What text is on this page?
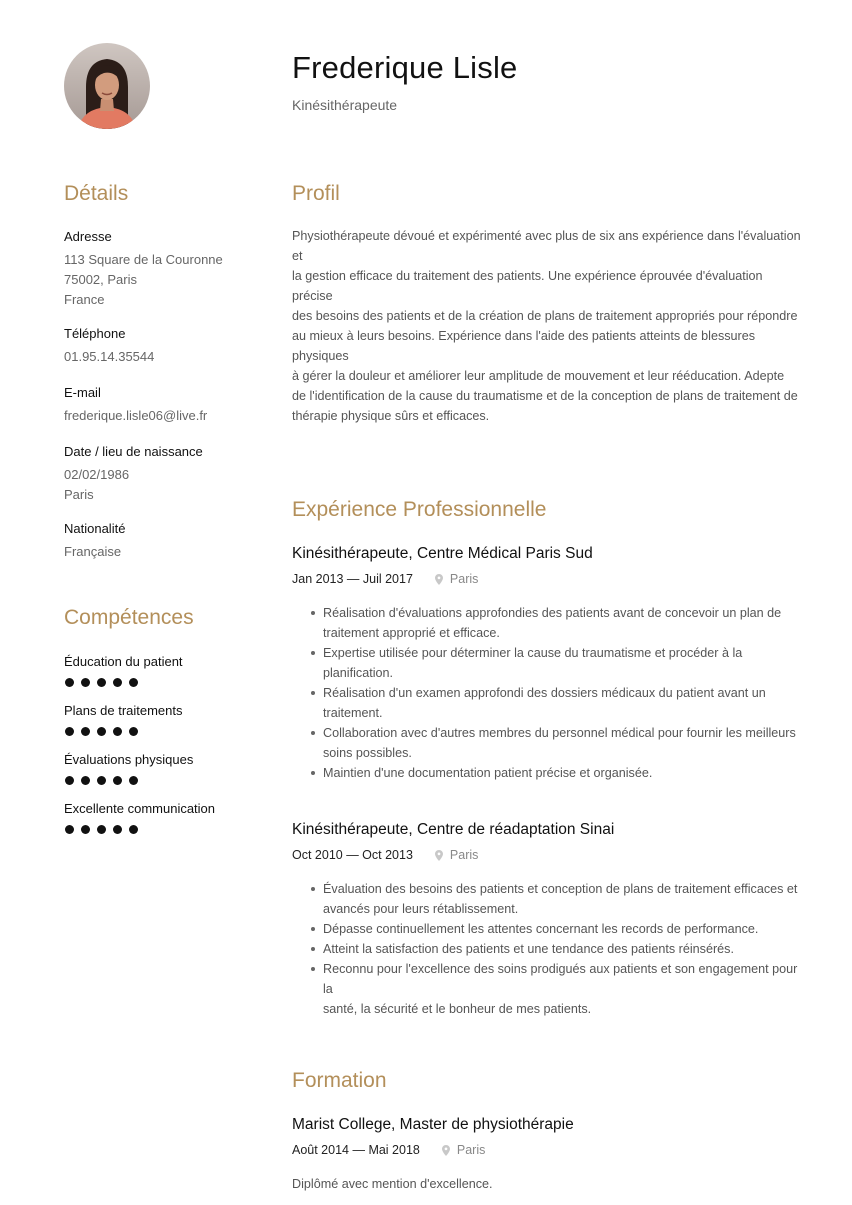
Frederique Lisle
Kinésithérapeute
Détails
Adresse
113 Square de la Couronne
75002, Paris
France
Téléphone
01.95.14.35544
E-mail
frederique.lisle06@live.fr
Date / lieu de naissance
02/02/1986
Paris
Nationalité
Française
Compétences
Éducation du patient
Plans de traitements
Évaluations physiques
Excellente communication
Profil
Physiothérapeute dévoué et expérimenté avec plus de six ans expérience dans l'évaluation et
la gestion efficace du traitement des patients. Une expérience éprouvée d'évaluation précise
des besoins des patients et de la création de plans de traitement appropriés pour répondre
au mieux à leurs besoins. Expérience dans l'aide des patients atteints de blessures physiques
à gérer la douleur et améliorer leur amplitude de mouvement et leur rééducation. Adepte
de l'identification de la cause du traumatisme et de la conception de plans de traitement de
thérapie physique sûrs et efficaces.
Expérience Professionnelle
Kinésithérapeute, Centre Médical Paris Sud
Jan 2013 — Juil 2017	Paris
Réalisation d'évaluations approfondies des patients avant de concevoir un plan de
traitement approprié et efficace.
Expertise utilisée pour déterminer la cause du traumatisme et procéder à la
planification.
Réalisation d'un examen approfondi des dossiers médicaux du patient avant un
traitement.
Collaboration avec d'autres membres du personnel médical pour fournir les meilleurs
soins possibles.
Maintien d'une documentation patient précise et organisée.
Kinésithérapeute, Centre de réadaptation Sinai
Oct 2010 — Oct 2013	Paris
Évaluation des besoins des patients et conception de plans de traitement efficaces et
avancés pour leurs rétablissement.
Dépasse continuellement les attentes concernant les records de performance.
Atteint la satisfaction des patients et une tendance des patients réinsérés.
Reconnu pour l'excellence des soins prodigués aux patients et son engagement pour la
santé, la sécurité et le bonheur de mes patients.
Formation
Marist College, Master de physiothérapie
Août 2014 — Mai 2018	Paris
Diplômé avec mention d'excellence.
